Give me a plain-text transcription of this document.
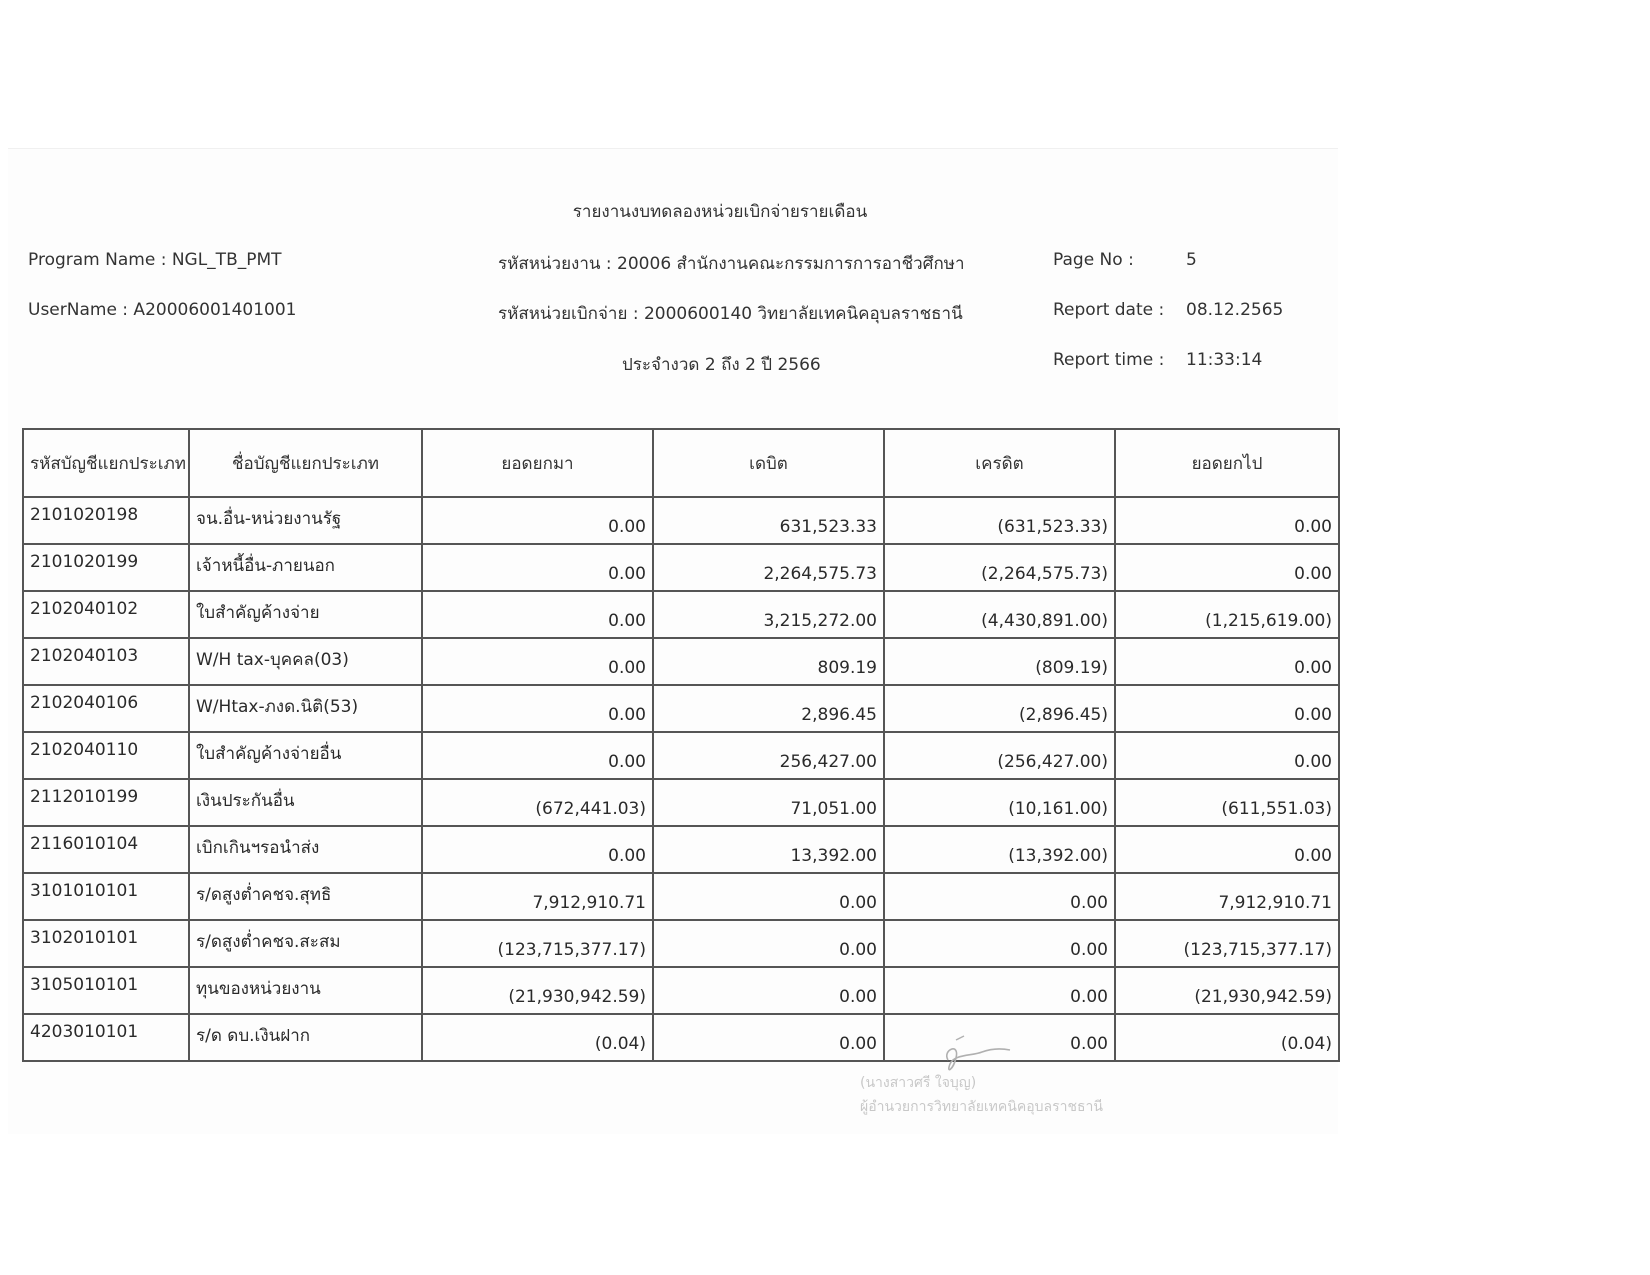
รายงานงบทดลองหน่วยเบิกจ่ายรายเดือน
Program Name : NGL_TB_PMT
UserName : A20006001401001
รหัสหน่วยงาน : 20006 สำนักงานคณะกรรมการการอาชีวศึกษา
รหัสหน่วยเบิกจ่าย : 2000600140 วิทยาลัยเทคนิคอุบลราชธานี
ประจำงวด 2 ถึง 2 ปี 2566
Page No :	5
Report date : 08.12.2565
Report time : 11:33:14
รหัสบัญชีแยกประเภท	ชื่อบัญชีแยกประเภท	ยอดยกมา	เดบิต	เครดิต	ยอดยกไป
2101020198	จน.อื่น-หน่วยงานรัฐ	0.00	631,523.33	(631,523.33)	0.00
2101020199	เจ้าหนี้อื่น-ภายนอก	0.00	2,264,575.73	(2,264,575.73)	0.00
2102040102	ใบสำคัญค้างจ่าย	0.00	3,215,272.00	(4,430,891.00)	(1,215,619.00)
2102040103	W/H tax-บุคคล(03)	0.00	809.19	(809.19)	0.00
2102040106	W/Htax-ภงด.นิติ(53)	0.00	2,896.45	(2,896.45)	0.00
2102040110	ใบสำคัญค้างจ่ายอื่น	0.00	256,427.00	(256,427.00)	0.00
2112010199	เงินประกันอื่น	(672,441.03)	71,051.00	(10,161.00)	(611,551.03)
2116010104	เบิกเกินฯรอนำส่ง	0.00	13,392.00	(13,392.00)	0.00
3101010101	ร/ดสูงต่ำคชจ.สุทธิ	7,912,910.71	0.00	0.00	7,912,910.71
3102010101	ร/ดสูงต่ำคชจ.สะสม	(123,715,377.17)	0.00	0.00	(123,715,377.17)
3105010101	ทุนของหน่วยงาน	(21,930,942.59)	0.00	0.00	(21,930,942.59)
4203010101	ร/ด ดบ.เงินฝาก	(0.04)	0.00	0.00	(0.04)
(นางสาวศรี ใจบุญ)
ผู้อำนวยการวิทยาลัยเทคนิคอุบลราชธานี
